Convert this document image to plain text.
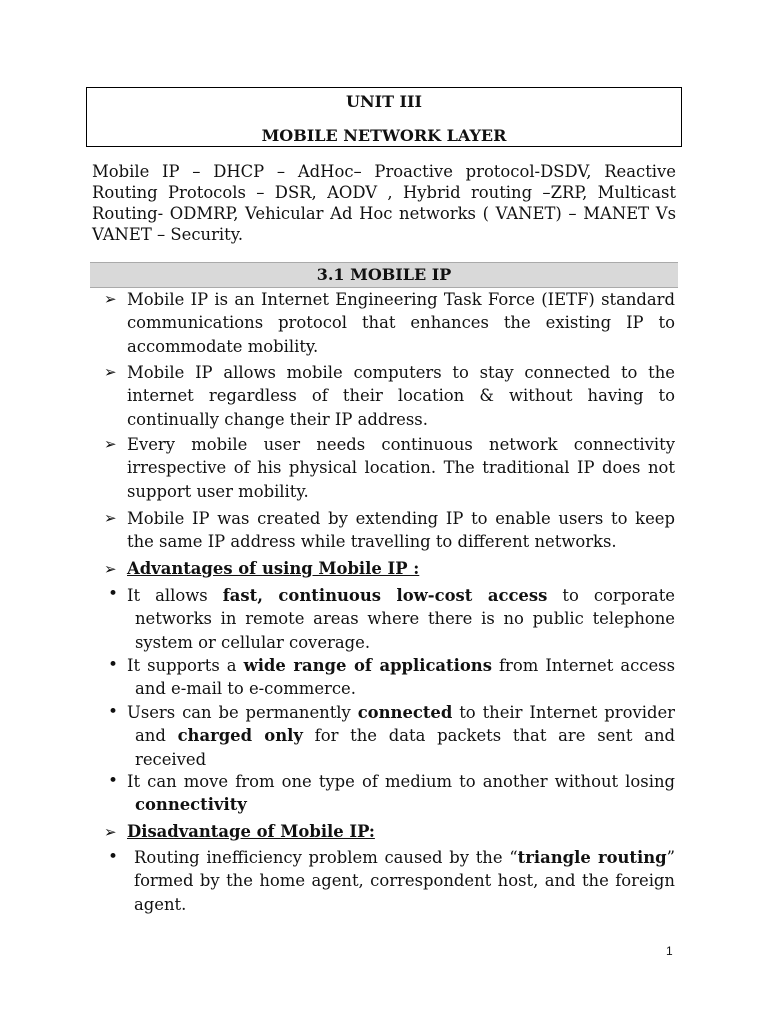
UNIT III
MOBILE NETWORK LAYER
Mobile IP – DHCP – AdHoc– Proactive protocol-DSDV, Reactive Routing Protocols – DSR, AODV , Hybrid routing –ZRP, Multicast Routing- ODMRP, Vehicular Ad Hoc networks ( VANET) – MANET Vs VANET – Security.
3.1 MOBILE IP
➢ Mobile IP is an Internet Engineering Task Force (IETF) standard communications protocol that enhances the existing IP to accommodate mobility.
➢ Mobile IP allows mobile computers to stay connected to the internet regardless of their location & without having to continually change their IP address.
➢ Every mobile user needs continuous network connectivity irrespective of his physical location. The traditional IP does not support user mobility.
➢ Mobile IP was created by extending IP to enable users to keep the same IP address while travelling to different networks.
➢ Advantages of using Mobile IP :
• It allows fast, continuous low-cost access to corporate networks in remote areas where there is no public telephone system or cellular coverage.
• It supports a wide range of applications from Internet access and e-mail to e-commerce.
• Users can be permanently connected to their Internet provider and charged only for the data packets that are sent and received
• It can move from one type of medium to another without losing connectivity
➢ Disadvantage of Mobile IP:
• Routing inefficiency problem caused by the “triangle routing” formed by the home agent, correspondent host, and the foreign agent.
1
